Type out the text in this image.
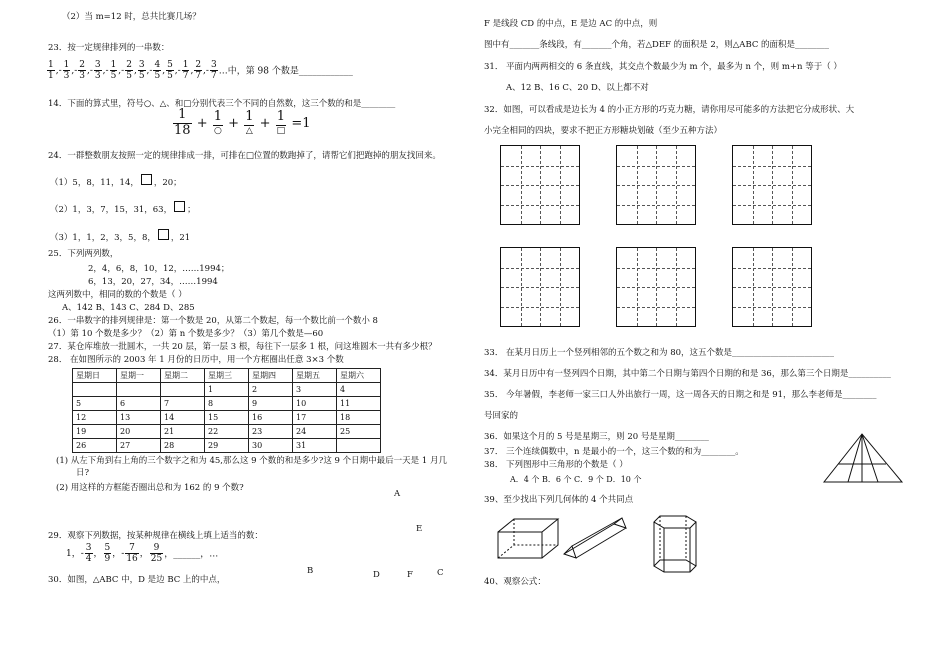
（2）当 m=12 时，总共比赛几场？
23．按一定规律排列的一串数：
$\frac{1}{1}$ ,- $\frac{1}{3}$ ,- $\frac{2}{3}$ ,- $\frac{3}{3}$ ,- $\frac{1}{5}$ ,- $\frac{2}{5}$ , $\frac{3}{5}$ ,- $\frac{4}{5}$ , $\frac{5}{5}$ ,- $\frac{1}{7}$ , $\frac{2}{7}$ ,- $\frac{3}{7}$ …中，第 98 个数是____________
14．下面的算式里，符号○、△、和□分别代表三个不同的自然数，这三个数的和是________
$\frac{1}{18} + \frac{1}{○} + \frac{1}{\triangle} + \frac{1}{□} =1$
24．一群整数朋友按照一定的规律排成一排，可排在□位置的数跑掉了，请帮它们把跑掉的朋友找回来。
（1）5，8，11，14， ，20；
（2）1，3，7，15，31，63， ；
（3）1，1，2，3，5，8， ，21
25．下列两列数，
2，4，6，8，10，12，……1994；
6，13，20，27，34，……1994
这两列数中，相同的数的个数是（ ）
A、142 B、143 C、284 D、285
26．一串数字的排列规律是：第一个数是 20，从第二个数起，每一个数比前一个数小 8
（1）第 10 个数是多少？（2）第 n 个数是多少？（3）第几个数是—60
27．某仓库堆放一批圆木，一共 20 层，第一层 3 根，每往下一层多 1 根，问这堆圆木一共有多少根？
28． 在如图所示的 2003 年 1 月份的日历中，用一个方框圈出任意 3×3 个数
星期日	星期一	星期二	星期三	星期四	星期五	星期六
			1	2	3	4
5	6	7	8	9	10	11
12	13	14	15	16	17	18
19	20	21	22	23	24	25
26	27	28	29	30	31	
(1) 从左下角到右上角的三个数字之和为 45,那么这 9 个数的和是多少?这 9 个日期中最后一天是 1 月几
日?
(2) 用这样的方框能否圈出总和为 162 的 9 个数?
29．观察下列数据，按某种规律在横线上填上适当的数：
1，- $\frac{3}{4}$ ， $\frac{5}{9}$ ，- $\frac{7}{16}$ ， $\frac{9}{25}$ ，______，…
30．如图，△ABC 中，D 是边 BC 上的中点，
A
E
B	D	F	C
F 是线段 CD 的中点，E 是边 AC 的中点，则
图中有_______条线段，有_______个角，若△DEF 的面积是 2，则△ABC 的面积是________
31． 平面内两两相交的 6 条直线，其交点个数最少为 m 个，最多为 n 个，则 m+n 等于（ ）
A、12 B、16 C、20 D、以上都不对
32．如图，可以看成是边长为 4 的小正方形的巧克力糖，请你用尽可能多的方法把它分成形状、大
小完全相同的四块，要求不把正方形糖块划破（至少五种方法）
33． 在某月日历上一个竖列相邻的五个数之和为 80，这五个数是________________________
34．某月日历中有一竖列四个日期，其中第二个日期与第四个日期的和是 36，那么第三个日期是__________
35． 今年暑假，李老师一家三口人外出旅行一周，这一周各天的日期之和是 91，那么李老师是________
号回家的
36．如果这个月的 5 号是星期三，则 20 号是星期________
37． 三个连续偶数中，n 是最小的一个，这三个数的和为________。
38． 下列图形中三角形的个数是（ ）
A．4 个 B．6 个 C．9 个 D．10 个
39、至少找出下列几何体的 4 个共同点
40、观察公式：
